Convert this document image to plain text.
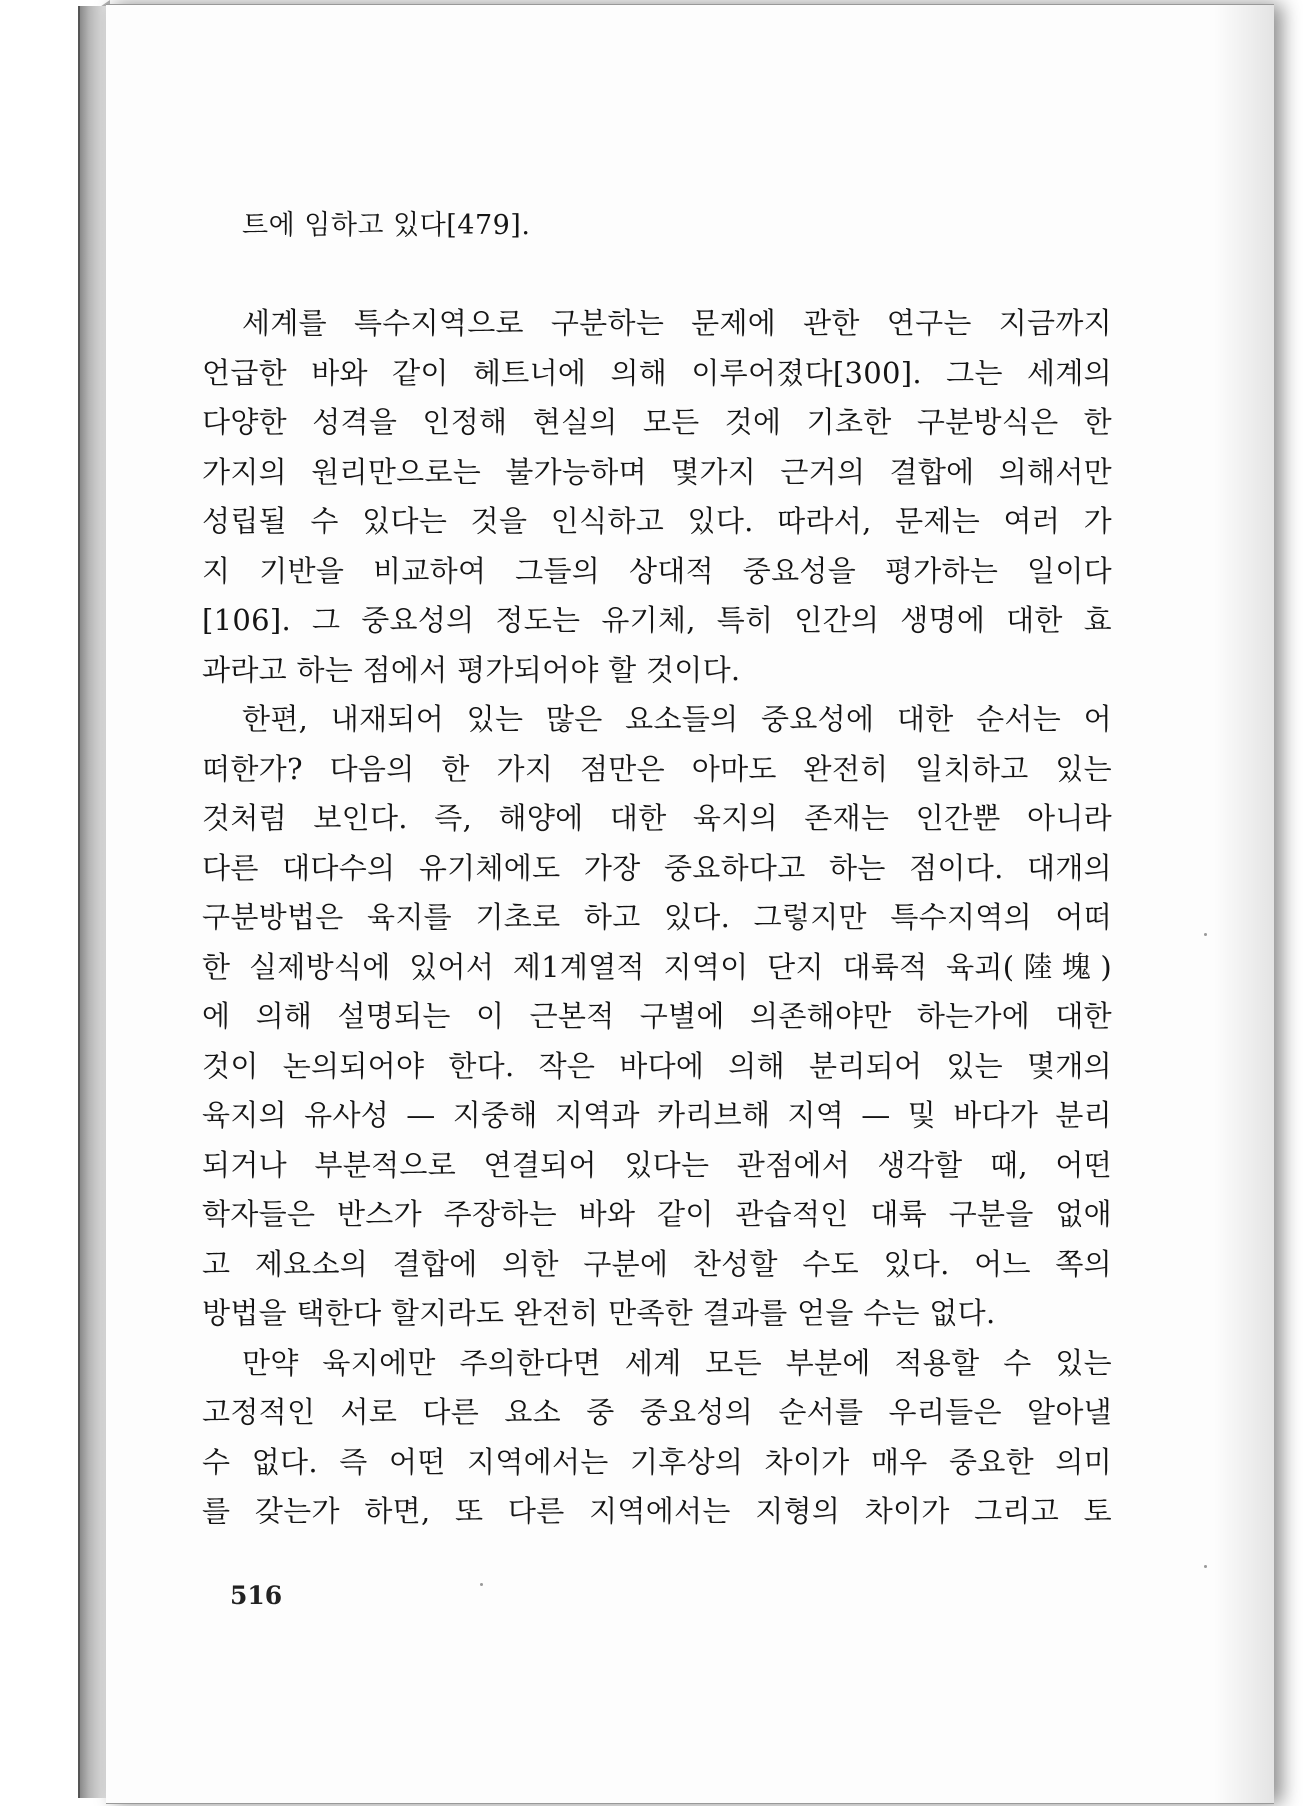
트에 임하고 있다[479].
세계를 특수지역으로 구분하는 문제에 관한 연구는 지금까지
언급한 바와 같이 헤트너에 의해 이루어졌다[300]. 그는 세계의
다양한 성격을 인정해 현실의 모든 것에 기초한 구분방식은 한
가지의 원리만으로는 불가능하며 몇가지 근거의 결합에 의해서만
성립될 수 있다는 것을 인식하고 있다. 따라서, 문제는 여러 가
지 기반을 비교하여 그들의 상대적 중요성을 평가하는 일이다
[106]. 그 중요성의 정도는 유기체, 특히 인간의 생명에 대한 효
과라고 하는 점에서 평가되어야 할 것이다.
한편, 내재되어 있는 많은 요소들의 중요성에 대한 순서는 어
떠한가? 다음의 한 가지 점만은 아마도 완전히 일치하고 있는
것처럼 보인다. 즉, 해양에 대한 육지의 존재는 인간뿐 아니라
다른 대다수의 유기체에도 가장 중요하다고 하는 점이다. 대개의
구분방법은 육지를 기초로 하고 있다. 그렇지만 특수지역의 어떠
한 실제방식에 있어서 제1계열적 지역이 단지 대륙적 육괴(陸塊)
에 의해 설명되는 이 근본적 구별에 의존해야만 하는가에 대한
것이 논의되어야 한다. 작은 바다에 의해 분리되어 있는 몇개의
육지의 유사성 — 지중해 지역과 카리브해 지역 — 및 바다가 분리
되거나 부분적으로 연결되어 있다는 관점에서 생각할 때, 어떤
학자들은 반스가 주장하는 바와 같이 관습적인 대륙 구분을 없애
고 제요소의 결합에 의한 구분에 찬성할 수도 있다. 어느 쪽의
방법을 택한다 할지라도 완전히 만족한 결과를 얻을 수는 없다.
만약 육지에만 주의한다면 세계 모든 부분에 적용할 수 있는
고정적인 서로 다른 요소 중 중요성의 순서를 우리들은 알아낼
수 없다. 즉 어떤 지역에서는 기후상의 차이가 매우 중요한 의미
를 갖는가 하면, 또 다른 지역에서는 지형의 차이가 그리고 토
516
